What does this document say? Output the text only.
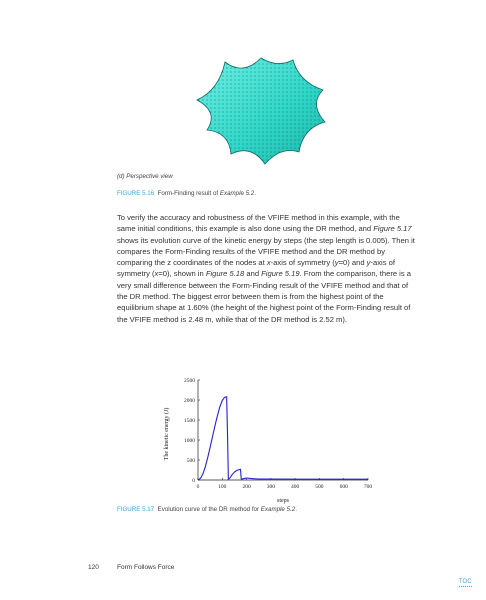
(d) Perspective view
FIGURE 5.16 Form-Finding result of Example 5.2.
To verify the accuracy and robustness of the VFIFE method in this example, with the same initial conditions, this example is also done using the DR method, and Figure 5.17 shows its evolution curve of the kinetic energy by steps (the step length is 0.005). Then it compares the Form-Finding results of the VFIFE method and the DR method by comparing the z coordinates of the nodes at x-axis of symmetry (y=0) and y-axis of symmetry (x=0), shown in Figure 5.18 and Figure 5.19. From the comparison, there is a very small difference between the Form-Finding result of the VFIFE method and that of the DR method. The biggest error between them is from the highest point of the equilibrium shape at 1.60% (the height of the highest point of the Form-Finding result of the VFIFE method is 2.48 m, while that of the DR method is 2.52 m).
0	100	200	300	400	500	600	700
0
500
1000
1500
2000
2500
The kinetic energy (J)
steps
FIGURE 5.17 Evolution curve of the DR method for Example 5.2.
120	Form Follows Force
TOC
